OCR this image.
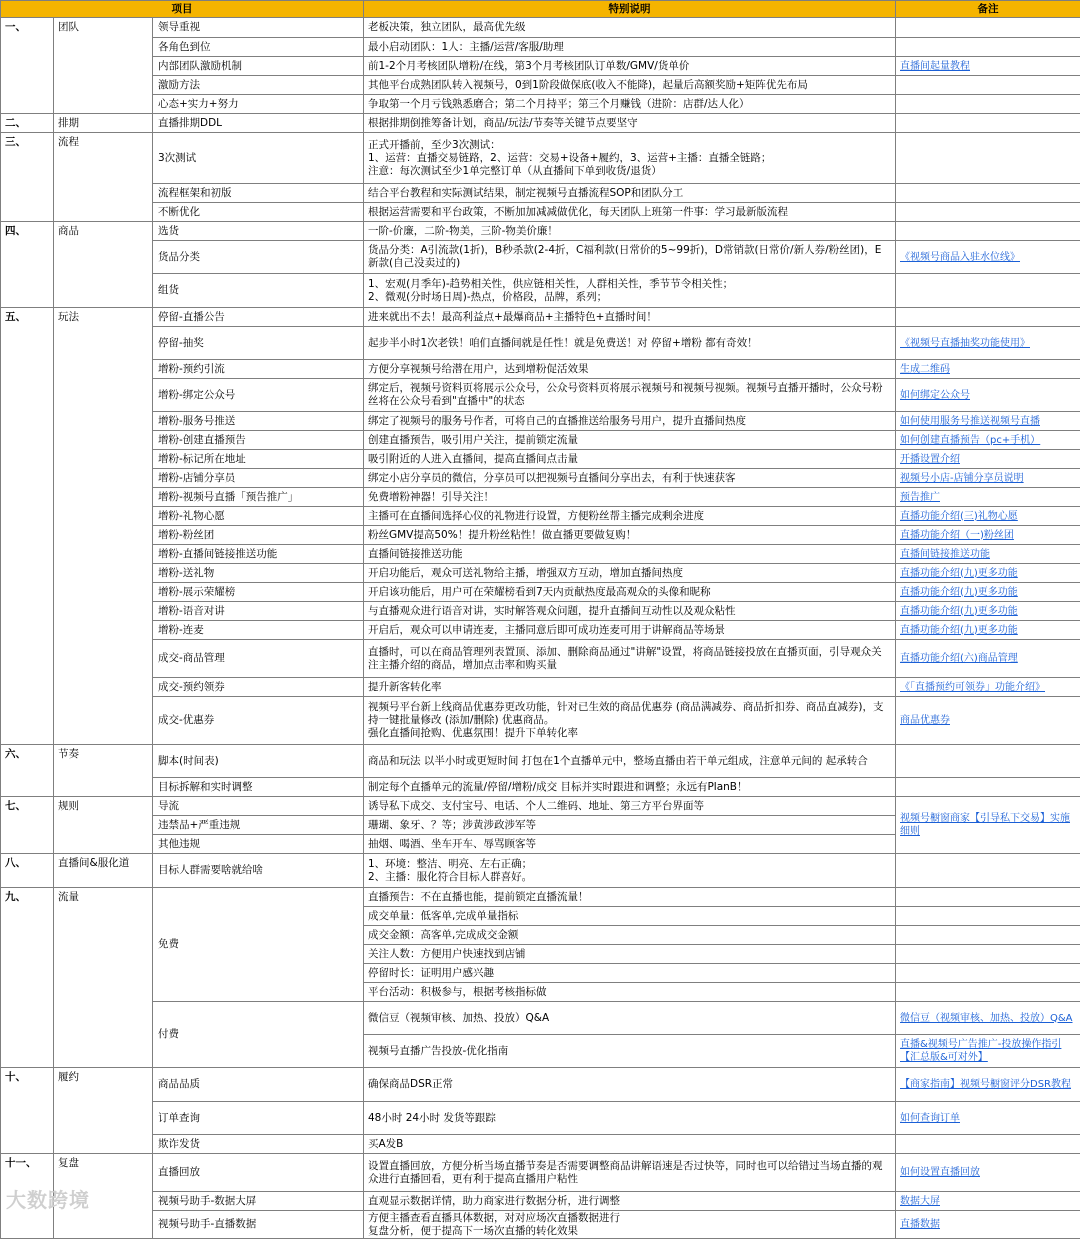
项目			特别说明	备注
一、	团队	领导重视	老板决策，独立团队，最高优先级	
		各角色到位	最小启动团队：1人：主播/运营/客服/助理	
		内部团队激励机制	前1-2个月考核团队增粉/在线，第3个月考核团队订单数/GMV/货单价	直播间起量教程
		激励方法	其他平台成熟团队转入视频号，0到1阶段做保底(收入不能降)，起量后高额奖励+矩阵优先布局	
		心态+实力+努力	争取第一个月亏钱熟悉磨合；第二个月持平；第三个月赚钱（进阶：店群/达人化）	
二、	排期	直播排期DDL	根据排期倒推筹备计划，商品/玩法/节奏等关键节点要坚守	
三、	流程	3次测试	正式开播前，至少3次测试：
1、运营：直播交易链路，2、运营：交易+设备+履约，3、运营+主播：直播全链路；
注意：每次测试至少1单完整订单（从直播间下单到收货/退货）	
		流程框架和初版	结合平台教程和实际测试结果，制定视频号直播流程SOP和团队分工	
		不断优化	根据运营需要和平台政策，不断加加减减做优化，每天团队上班第一件事：学习最新版流程	
四、	商品	选货	一阶-价廉，二阶-物美，三阶-物美价廉！	
		货品分类	货品分类：A引流款(1折)，B秒杀款(2-4折，C福利款(日常价的5~99折)，D常销款(日常价/新人券/粉丝团)，E新款(自己没卖过的)	《视频号商品入驻水位线》
		组货	1、宏观(月季年)-趋势相关性，供应链相关性，人群相关性，季节节令相关性；
2、微观(分时场日周)-热点，价格段，品牌，系列；	
五、	玩法	停留-直播公告	进来就出不去！最高利益点+最爆商品+主播特色+直播时间！	
		停留-抽奖	起步半小时1次老铁！咱们直播间就是任性！就是免费送！对 停留+增粉 都有奇效！	《视频号直播抽奖功能使用》
		增粉-预约引流	方便分享视频号给潜在用户，达到增粉促活效果	生成二维码
		增粉-绑定公众号	绑定后，视频号资料页将展示公众号，公众号资料页将展示视频号和视频号视频。视频号直播开播时，公众号粉丝将在公众号看到"直播中"的状态	如何绑定公众号
		增粉-服务号推送	绑定了视频号的服务号作者，可将自己的直播推送给服务号用户，提升直播间热度	如何使用服务号推送视频号直播
		增粉-创建直播预告	创建直播预告，吸引用户关注，提前锁定流量	如何创建直播预告（pc+手机）
		增粉-标记所在地址	吸引附近的人进入直播间，提高直播间点击量	开播设置介绍
		增粉-店铺分享员	绑定小店分享员的微信，分享员可以把视频号直播间分享出去，有利于快速获客	视频号小店-店铺分享员说明
		增粉-视频号直播「预告推广」	免费增粉神器！引导关注！	预告推广
		增粉-礼物心愿	主播可在直播间选择心仪的礼物进行设置，方便粉丝帮主播完成剩余进度	直播功能介绍(三)礼物心愿
		增粉-粉丝团	粉丝GMV提高50%！提升粉丝粘性！做直播更要做复购！	直播功能介绍（一)粉丝团
		增粉-直播间链接推送功能	直播间链接推送功能	直播间链接推送功能
		增粉-送礼物	开启功能后，观众可送礼物给主播，增强双方互动，增加直播间热度	直播功能介绍(九)更多功能
		增粉-展示荣耀榜	开启该功能后，用户可在荣耀榜看到7天内贡献热度最高观众的头像和昵称	直播功能介绍(九)更多功能
		增粉-语音对讲	与直播观众进行语音对讲，实时解答观众问题，提升直播间互动性以及观众粘性	直播功能介绍(九)更多功能
		增粉-连麦	开启后，观众可以申请连麦，主播同意后即可成功连麦可用于讲解商品等场景	直播功能介绍(九)更多功能
		成交-商品管理	直播时，可以在商品管理列表置顶、添加、删除商品通过"讲解"设置，将商品链接投放在直播页面，引导观众关注主播介绍的商品，增加点击率和购买量	直播功能介绍(六)商品管理
		成交-预约领券	提升新客转化率	《「直播预约可领券」功能介绍》
		成交-优惠券	视频号平台新上线商品优惠券更改功能，针对已生效的商品优惠券 (商品满减券、商品折扣券、商品直减券)，支持一键批量修改 (添加/删除) 优惠商品。
强化直播间抢购、优惠氛围！提升下单转化率	商品优惠券
六、	节奏	脚本(时间表)	商品和玩法 以半小时或更短时间 打包在1个直播单元中，整场直播由若干单元组成，注意单元间的 起承转合	
		目标拆解和实时调整	制定每个直播单元的流量/停留/增粉/成交 目标并实时跟进和调整；永远有PlanB！	
七、	规则	导流	诱导私下成交、支付宝号、电话、个人二维码、地址、第三方平台界面等	视频号橱窗商家【引导私下交易】实施细则
		违禁品+严重违规	珊瑚、象牙、？等；涉黄涉政涉军等	
		其他违规	抽烟、喝酒、坐车开车、辱骂顾客等	
八、	直播间&服化道	目标人群需要啥就给啥	1、环境：整洁、明亮、左右正确；
2、主播：服化符合目标人群喜好。	
九、	流量	免费	直播预告：不在直播也能，提前锁定直播流量！	
			成交单量：低客单,完成单量指标	
			成交金额：高客单,完成成交金额	
			关注人数：方便用户快速找到店铺	
			停留时长：证明用户感兴趣	
			平台活动：积极参与，根据考核指标做	
		付费	微信豆（视频审核、加热、投放）Q&A	微信豆（视频审核、加热、投放）Q&A
			视频号直播广告投放-优化指南	直播&视频号广告推广-投放操作指引【汇总版&可对外】
十、	履约	商品品质	确保商品DSR正常	【商家指南】视频号橱窗评分DSR教程
		订单查询	48小时 24小时 发货等跟踪	如何查询订单
		欺诈发货	买A发B	
十一、	复盘	直播回放	设置直播回放，方便分析当场直播节奏是否需要调整商品讲解语速是否过快等，同时也可以给错过当场直播的观众进行直播回看，更有利于提高直播用户粘性	如何设置直播回放
		视频号助手-数据大屏	直观显示数据详情，助力商家进行数据分析，进行调整	数据大屏
		视频号助手-直播数据	方便主播查看直播具体数据，对对应场次直播数据进行
复盘分析，便于提高下一场次直播的转化效果	直播数据
大数跨境
